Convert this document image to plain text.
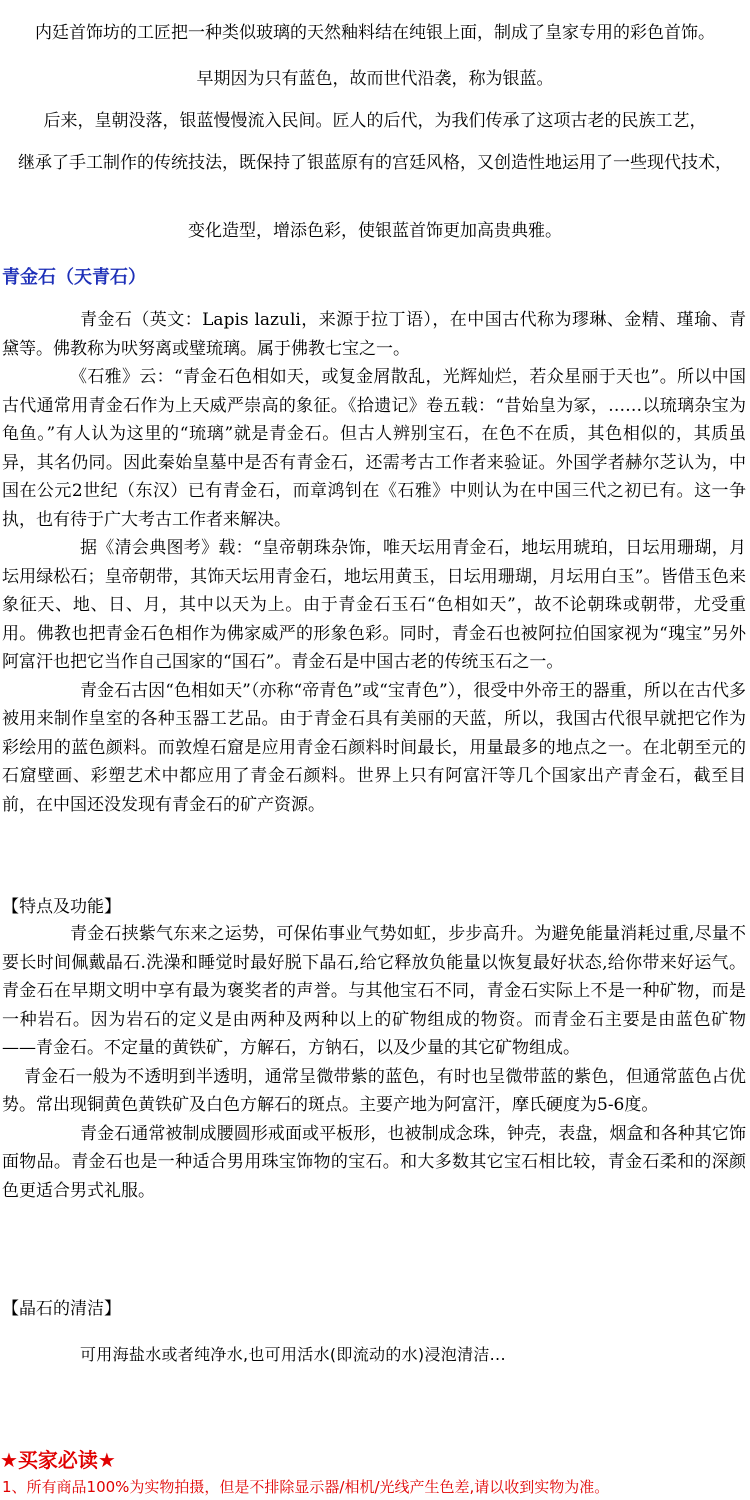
内廷首饰坊的工匠把一种类似玻璃的天然釉料结在纯银上面，制成了皇家专用的彩色首饰。

早期因为只有蓝色，故而世代沿袭，称为银蓝。

后来，皇朝没落，银蓝慢慢流入民间。匠人的后代，为我们传承了这项古老的民族工艺，

继承了手工制作的传统技法，既保持了银蓝原有的宫廷风格，又创造性地运用了一些现代技术，

变化造型，增添色彩，使银蓝首饰更加高贵典雅。

青金石（天青石）

青金石（英文：Lapis lazuli，来源于拉丁语），在中国古代称为璆琳、金精、瑾瑜、青黛等。佛教称为吠努离或璧琉璃。属于佛教七宝之一。

《石雅》云：“青金石色相如天，或复金屑散乱，光辉灿烂，若众星丽于天也”。所以中国古代通常用青金石作为上天威严崇高的象征。《拾遗记》卷五载：“昔始皇为冢，……以琉璃杂宝为龟鱼。”有人认为这里的“琉璃”就是青金石。但古人辨别宝石，在色不在质，其色相似的，其质虽异，其名仍同。因此秦始皇墓中是否有青金石，还需考古工作者来验证。外国学者赫尔芝认为，中国在公元2世纪（东汉）已有青金石，而章鸿钊在《石雅》中则认为在中国三代之初已有。这一争执，也有待于广大考古工作者来解决。

据《清会典图考》载：“皇帝朝珠杂饰，唯天坛用青金石，地坛用琥珀，日坛用珊瑚，月坛用绿松石；皇帝朝带，其饰天坛用青金石，地坛用黄玉，日坛用珊瑚，月坛用白玉”。皆借玉色来象征天、地、日、月，其中以天为上。由于青金石玉石“色相如天”，故不论朝珠或朝带，尤受重用。佛教也把青金石色相作为佛家威严的形象色彩。同时，青金石也被阿拉伯国家视为“瑰宝”另外阿富汗也把它当作自己国家的“国石”。青金石是中国古老的传统玉石之一。

青金石古因“色相如天”（亦称“帝青色”或“宝青色”），很受中外帝王的器重，所以在古代多被用来制作皇室的各种玉器工艺品。由于青金石具有美丽的天蓝，所以，我国古代很早就把它作为彩绘用的蓝色颜料。而敦煌石窟是应用青金石颜料时间最长，用量最多的地点之一。在北朝至元的石窟壁画、彩塑艺术中都应用了青金石颜料。世界上只有阿富汗等几个国家出产青金石，截至目前，在中国还没发现有青金石的矿产资源。

【特点及功能】

青金石挟紫气东来之运势，可保佑事业气势如虹，步步高升。为避免能量消耗过重,尽量不要长时间佩戴晶石.洗澡和睡觉时最好脱下晶石,给它释放负能量以恢复最好状态,给你带来好运气。青金石在早期文明中享有最为褒奖者的声誉。与其他宝石不同，青金石实际上不是一种矿物，而是一种岩石。因为岩石的定义是由两种及两种以上的矿物组成的物资。而青金石主要是由蓝色矿物——青金石。不定量的黄铁矿，方解石，方钠石，以及少量的其它矿物组成。

青金石一般为不透明到半透明，通常呈微带紫的蓝色，有时也呈微带蓝的紫色，但通常蓝色占优势。常出现铜黄色黄铁矿及白色方解石的斑点。主要产地为阿富汗，摩氏硬度为5-6度。

青金石通常被制成腰圆形戒面或平板形，也被制成念珠，钟壳，表盘，烟盒和各种其它饰面物品。青金石也是一种适合男用珠宝饰物的宝石。和大多数其它宝石相比较，青金石柔和的深颜色更适合男式礼服。

【晶石的清洁】
可用海盐水或者纯净水,也可用活水(即流动的水)浸泡清洁...
★买家必读★
1、所有商品100%为实物拍摄，但是不排除显示器/相机/光线产生色差,请以收到实物为准。
